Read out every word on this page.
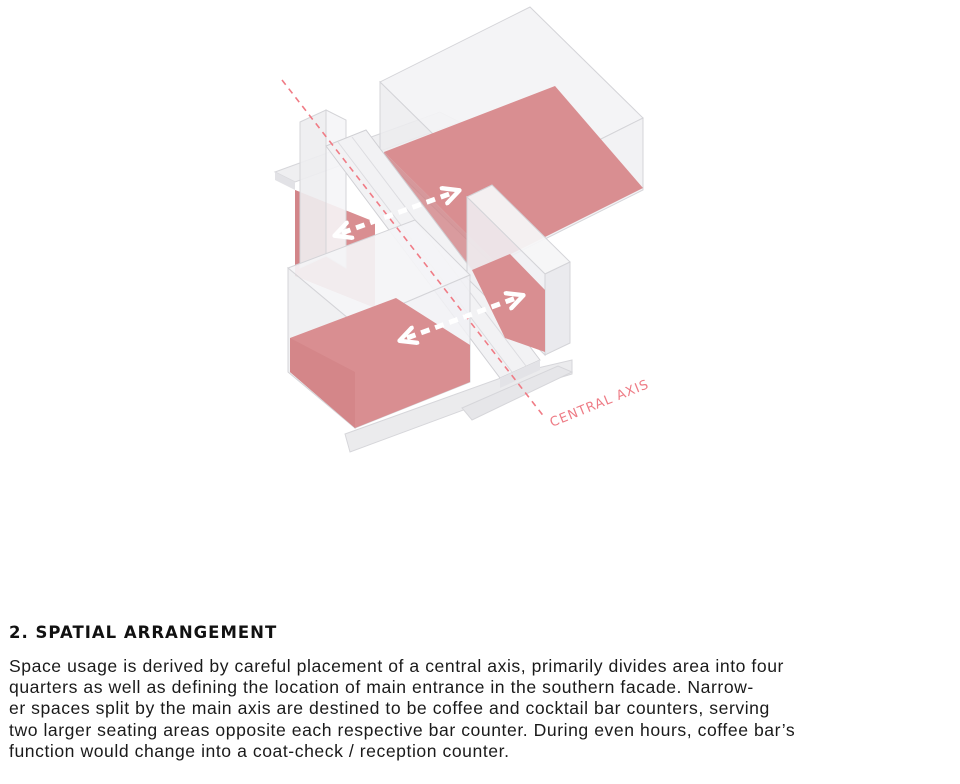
CENTRAL AXIS
2. SPATIAL ARRANGEMENT

Space usage is derived by careful placement of a central axis, primarily divides area into four
quarters as well as defining the location of main entrance in the southern facade. Narrow-
er spaces split by the main axis are destined to be coffee and cocktail bar counters, serving
two larger seating areas opposite each respective bar counter. During even hours, coffee bar’s
function would change into a coat-check / reception counter.
